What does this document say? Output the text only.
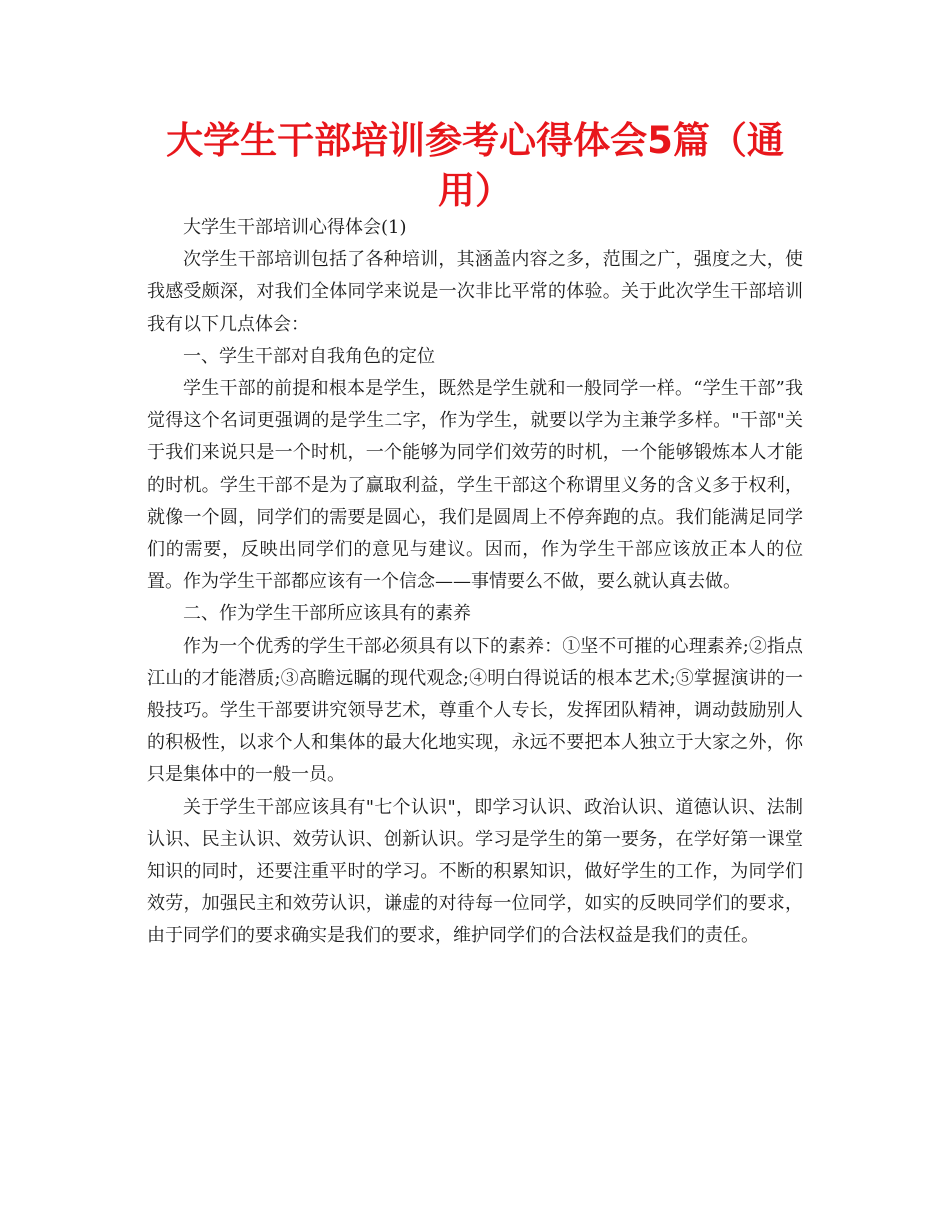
大学生干部培训参考心得体会5篇（通用）

大学生干部培训心得体会(1)

次学生干部培训包括了各种培训，其涵盖内容之多，范围之广，强度之大，使我感受颇深，对我们全体同学来说是一次非比平常的体验。关于此次学生干部培训我有以下几点体会：

一、学生干部对自我角色的定位

学生干部的前提和根本是学生，既然是学生就和一般同学一样。“学生干部”我觉得这个名词更强调的是学生二字，作为学生，就要以学为主兼学多样。"干部"关于我们来说只是一个时机，一个能够为同学们效劳的时机，一个能够锻炼本人才能的时机。学生干部不是为了赢取利益，学生干部这个称谓里义务的含义多于权利，就像一个圆，同学们的需要是圆心，我们是圆周上不停奔跑的点。我们能满足同学们的需要，反映出同学们的意见与建议。因而，作为学生干部应该放正本人的位置。作为学生干部都应该有一个信念——事情要么不做，要么就认真去做。

二、作为学生干部所应该具有的素养

作为一个优秀的学生干部必须具有以下的素养：①坚不可摧的心理素养;②指点江山的才能潜质;③高瞻远瞩的现代观念;④明白得说话的根本艺术;⑤掌握演讲的一般技巧。学生干部要讲究领导艺术，尊重个人专长，发挥团队精神，调动鼓励别人的积极性，以求个人和集体的最大化地实现，永远不要把本人独立于大家之外，你只是集体中的一般一员。

关于学生干部应该具有"七个认识"，即学习认识、政治认识、道德认识、法制认识、民主认识、效劳认识、创新认识。学习是学生的第一要务，在学好第一课堂知识的同时，还要注重平时的学习。不断的积累知识，做好学生的工作，为同学们效劳，加强民主和效劳认识，谦虚的对待每一位同学，如实的反映同学们的要求，由于同学们的要求确实是我们的要求，维护同学们的合法权益是我们的责任。
